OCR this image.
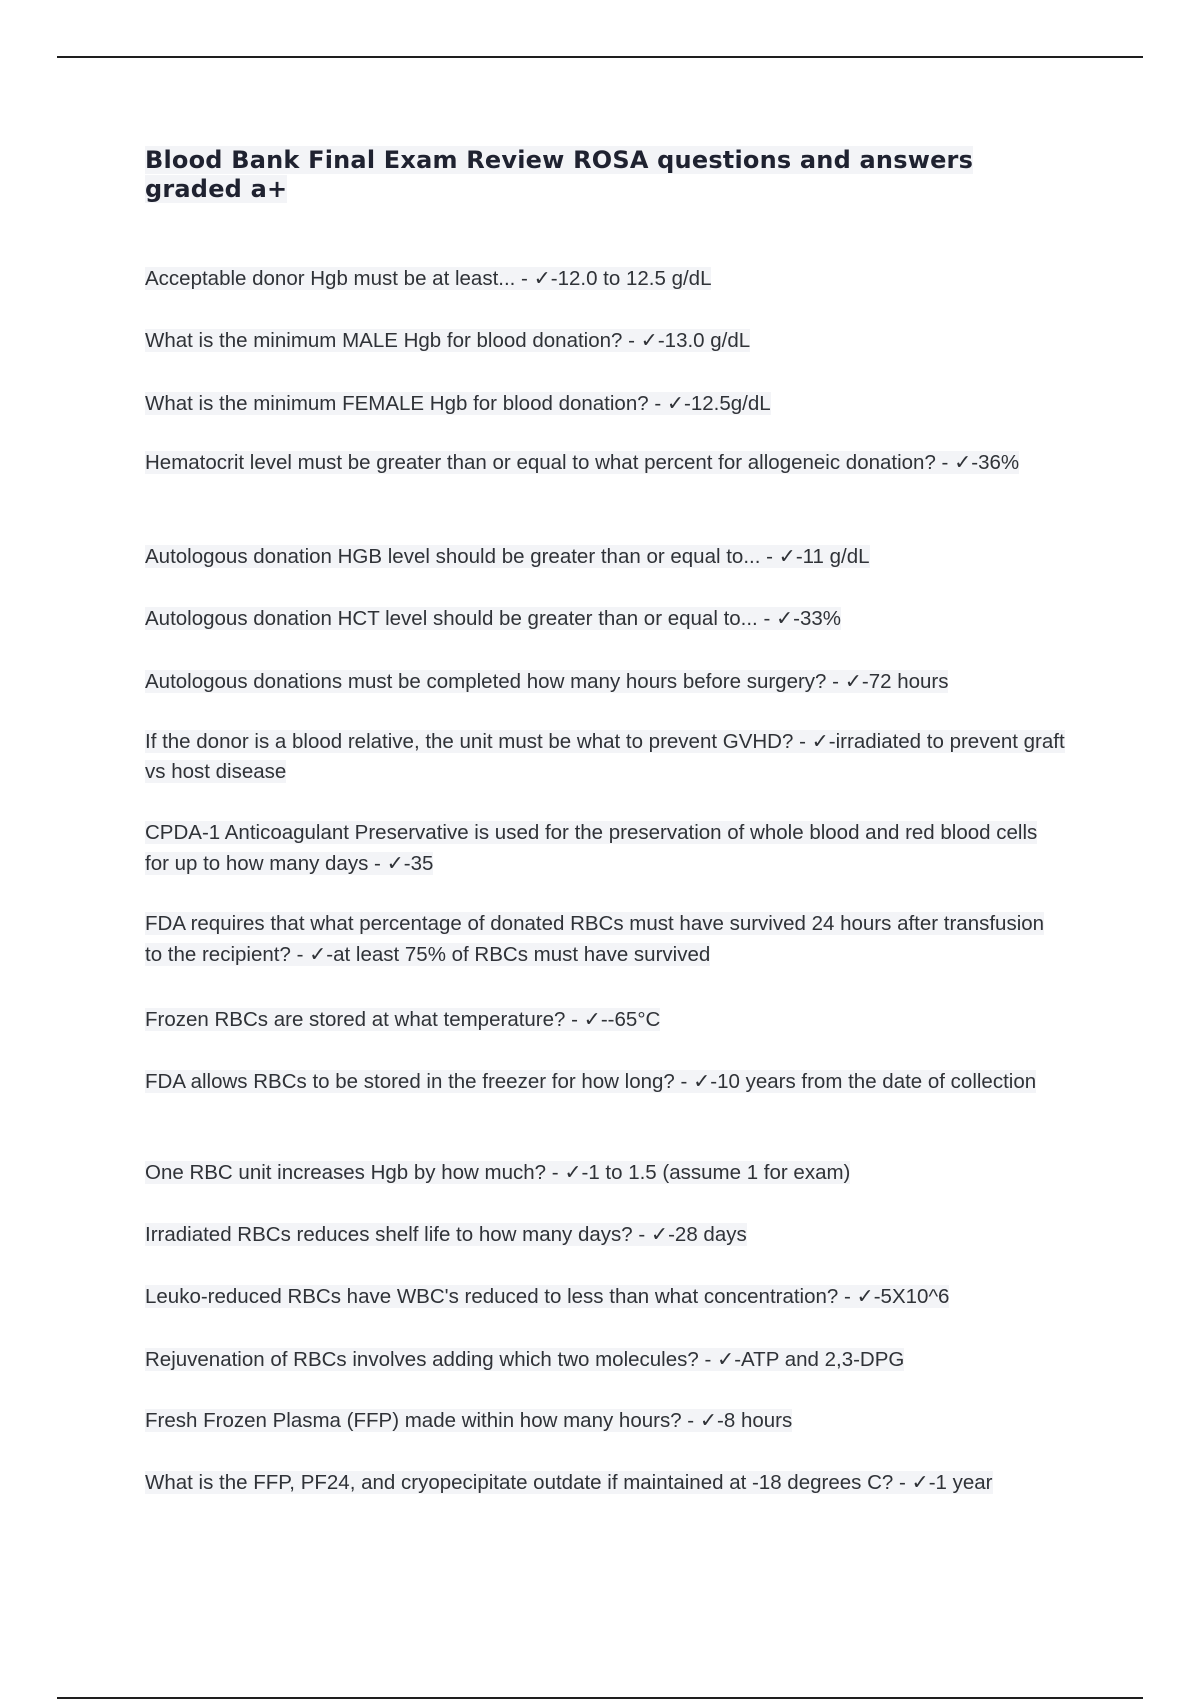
Blood Bank Final Exam Review ROSA questions and answers graded a+

Acceptable donor Hgb must be at least... - ✓-12.0 to 12.5 g/dL

What is the minimum MALE Hgb for blood donation? - ✓-13.0 g/dL

What is the minimum FEMALE Hgb for blood donation? - ✓-12.5g/dL

Hematocrit level must be greater than or equal to what percent for allogeneic donation? - ✓-36%

Autologous donation HGB level should be greater than or equal to... - ✓-11 g/dL

Autologous donation HCT level should be greater than or equal to... - ✓-33%

Autologous donations must be completed how many hours before surgery? - ✓-72 hours

If the donor is a blood relative, the unit must be what to prevent GVHD? - ✓-irradiated to prevent graft vs host disease

CPDA-1 Anticoagulant Preservative is used for the preservation of whole blood and red blood cells for up to how many days - ✓-35

FDA requires that what percentage of donated RBCs must have survived 24 hours after transfusion to the recipient? - ✓-at least 75% of RBCs must have survived

Frozen RBCs are stored at what temperature? - ✓--65°C

FDA allows RBCs to be stored in the freezer for how long? - ✓-10 years from the date of collection

One RBC unit increases Hgb by how much? - ✓-1 to 1.5 (assume 1 for exam)

Irradiated RBCs reduces shelf life to how many days? - ✓-28 days

Leuko-reduced RBCs have WBC's reduced to less than what concentration? - ✓-5X10^6

Rejuvenation of RBCs involves adding which two molecules? - ✓-ATP and 2,3-DPG

Fresh Frozen Plasma (FFP) made within how many hours? - ✓-8 hours

What is the FFP, PF24, and cryopecipitate outdate if maintained at -18 degrees C? - ✓-1 year
